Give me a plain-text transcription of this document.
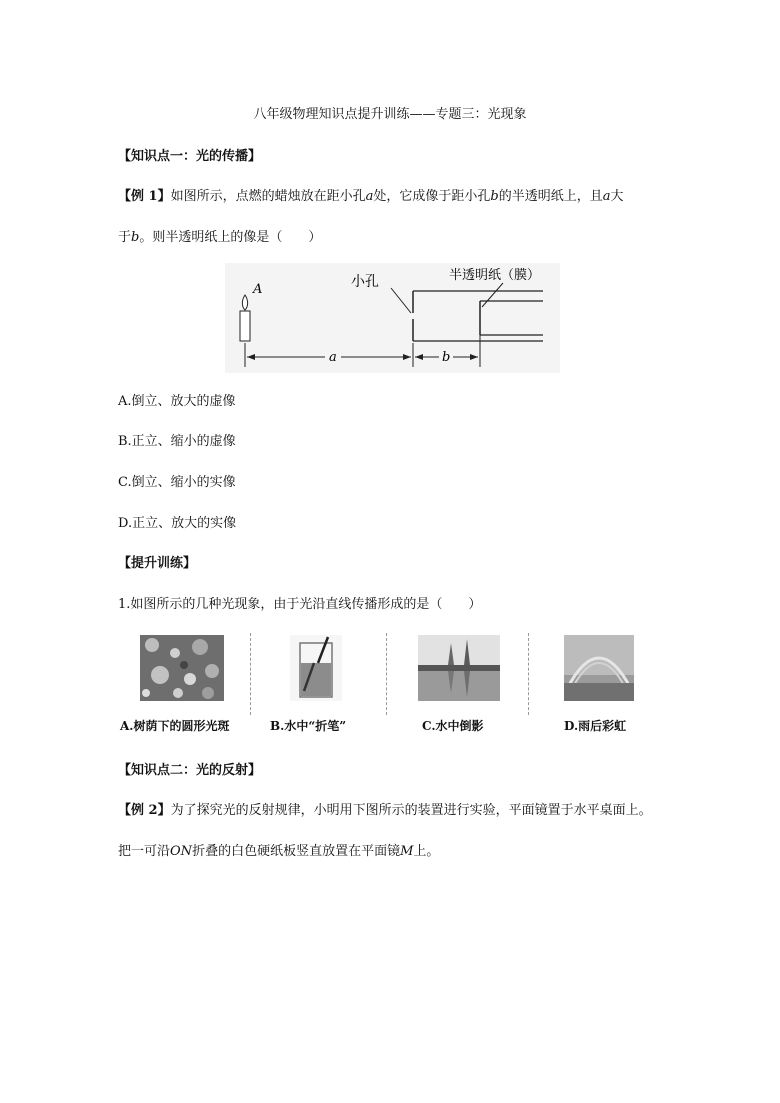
八年级物理知识点提升训练——专题三：光现象
【知识点一：光的传播】
【例 1】如图所示，点燃的蜡烛放在距小孔a处，它成像于距小孔b的半透明纸上，且a大
于b。则半透明纸上的像是（　　）
A	小孔	半透明纸（膜）
a	b
A.倒立、放大的虚像
B.正立、缩小的虚像
C.倒立、缩小的实像
D.正立、放大的实像
【提升训练】
1.如图所示的几种光现象，由于光沿直线传播形成的是（　　）
A.树荫下的圆形光斑	B.水中“折笔”	C.水中倒影	D.雨后彩虹
【知识点二：光的反射】
【例 2】为了探究光的反射规律，小明用下图所示的装置进行实验，平面镜置于水平桌面上。
把一可沿ON折叠的白色硬纸板竖直放置在平面镜M上。
